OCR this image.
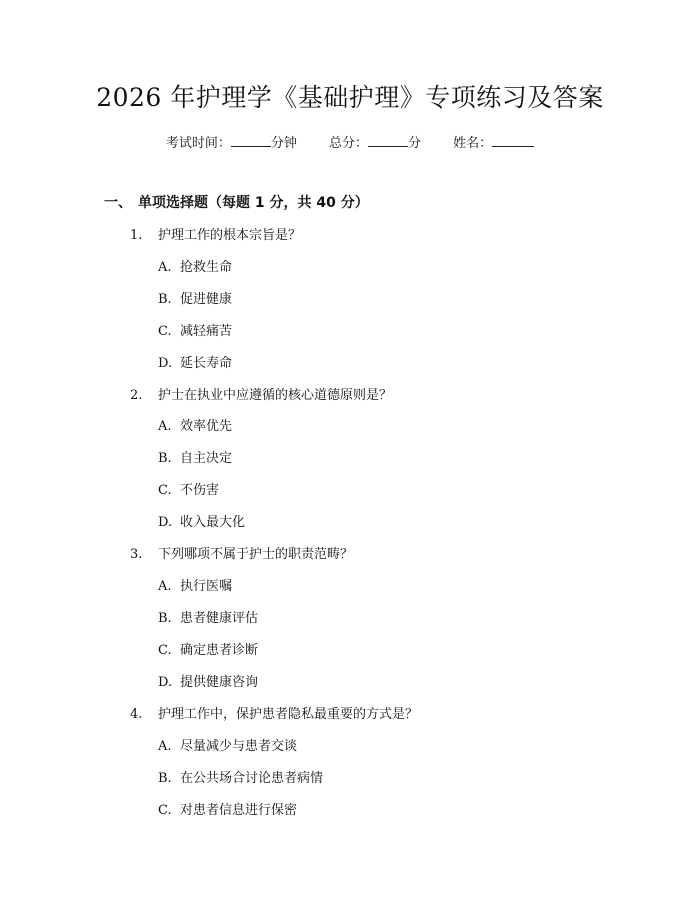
2026 年护理学《基础护理》专项练习及答案
考试时间：	分钟 总分：	分 姓名：
一、 单项选择题（每题 1 分，共 40 分）
1. 护理工作的根本宗旨是？
A. 抢救生命
B. 促进健康
C. 减轻痛苦
D. 延长寿命
2. 护士在执业中应遵循的核心道德原则是？
A. 效率优先
B. 自主决定
C. 不伤害
D. 收入最大化
3. 下列哪项不属于护士的职责范畴？
A. 执行医嘱
B. 患者健康评估
C. 确定患者诊断
D. 提供健康咨询
4. 护理工作中，保护患者隐私最重要的方式是？
A. 尽量减少与患者交谈
B. 在公共场合讨论患者病情
C. 对患者信息进行保密
